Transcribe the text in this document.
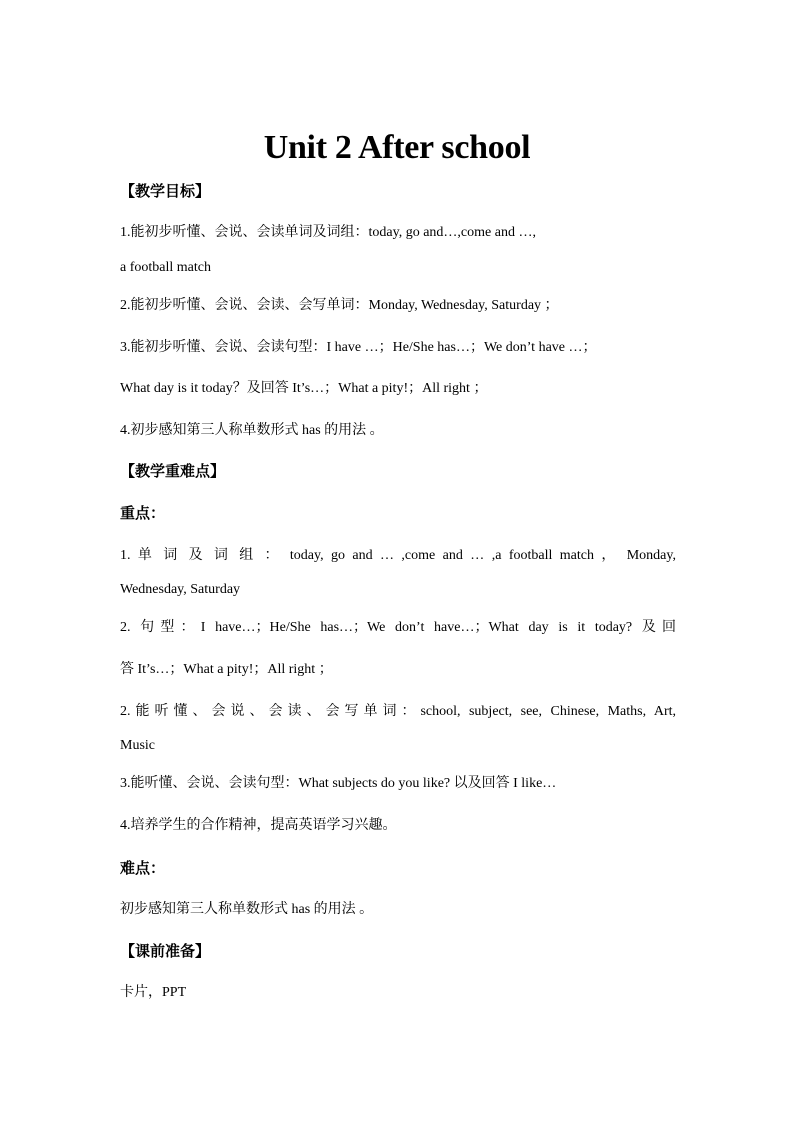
Unit 2 After school
【教学目标】
1.能初步听懂、会说、会读单词及词组：today, go and…,come and …,
a football match
2.能初步听懂、会说、会读、会写单词：Monday, Wednesday, Saturday ；
3.能初步听懂、会说、会读句型：I have …；He/She has…；We don’t have …；
What day is it today？及回答 It’s…；What a pity!；All right ；
4.初步感知第三人称单数形式 has 的用法 。
【教学重难点】
重点：
1. 单 词 及 词 组 ： today, go and … ,come and … ,a football match ， Monday,
Wednesday, Saturday
2. 句型：I have…；He/She has…；We don’t have…；What day is it today? 及回
答 It’s…；What a pity!；All right ；
2.能听懂、会说、会读、会写单词：school, subject, see, Chinese, Maths, Art,
Music
3.能听懂、会说、会读句型：What subjects do you like? 以及回答 I like…
4.培养学生的合作精神，提高英语学习兴趣。
难点：
初步感知第三人称单数形式 has 的用法 。
【课前准备】
卡片，PPT
